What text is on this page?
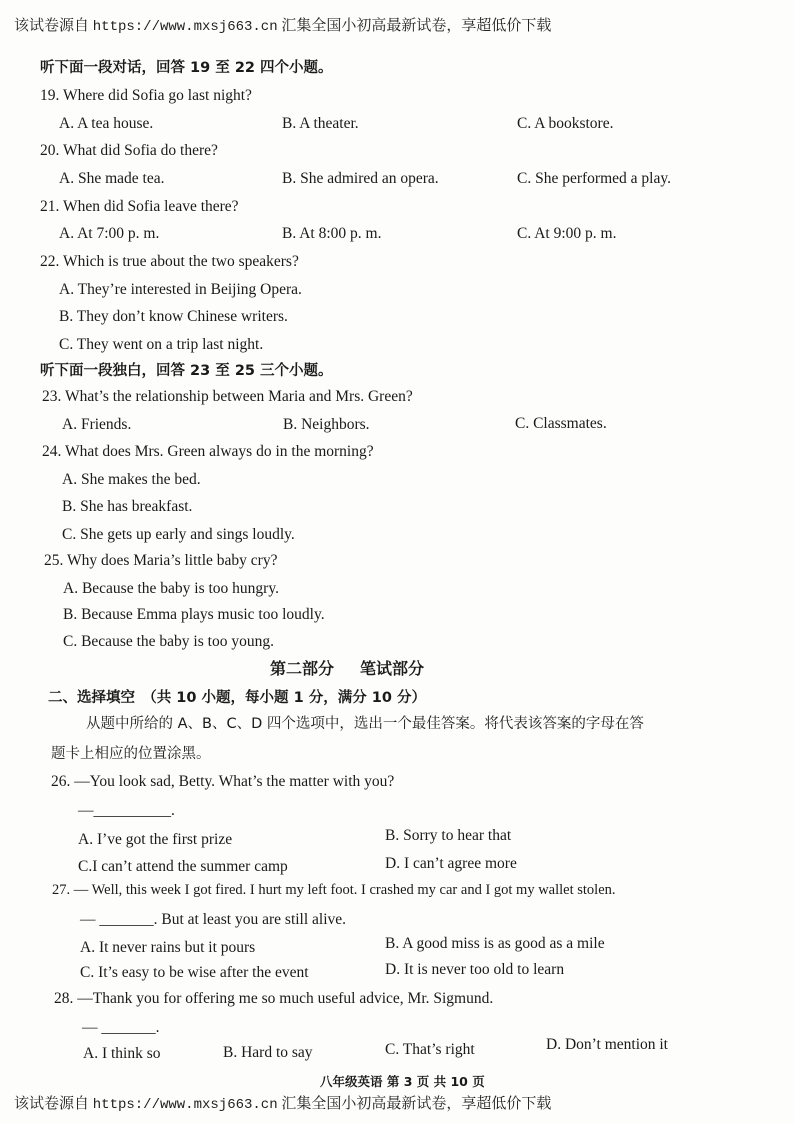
该试卷源自 https://www.mxsj663.cn 汇集全国小初高最新试卷，享超低价下载
听下面一段对话，回答 19 至 22 四个小题。
19. Where did Sofia go last night?
A. A tea house.	B. A theater.	C. A bookstore.
20. What did Sofia do there?
A. She made tea.	B. She admired an opera.	C. She performed a play.
21. When did Sofia leave there?
A. At 7:00 p. m.	B. At 8:00 p. m.	C. At 9:00 p. m.
22. Which is true about the two speakers?
A. They’re interested in Beijing Opera.
B. They don’t know Chinese writers.
C. They went on a trip last night.
听下面一段独白，回答 23 至 25 三个小题。
23. What’s the relationship between Maria and Mrs. Green?
A. Friends.	B. Neighbors.	C. Classmates.
24. What does Mrs. Green always do in the morning?
A. She makes the bed.
B. She has breakfast.
C. She gets up early and sings loudly.
25. Why does Maria’s little baby cry?
A. Because the baby is too hungry.
B. Because Emma plays music too loudly.
C. Because the baby is too young.
第二部分 笔试部分
二、选择填空　（共 10 小题，每小题 1 分，满分 10 分）
从题中所给的 A、B、C、D 四个选项中，选出一个最佳答案。将代表该答案的字母在答
题卡上相应的位置涂黑。
26. —You look sad, Betty. What’s the matter with you?
—__________.
A. I’ve got the first prize	B. Sorry to hear that
C.I can’t attend the summer camp	D. I can’t agree more
27. — Well, this week I got fired. I hurt my left foot. I crashed my car and I got my wallet stolen.
— _______. But at least you are still alive.
A. It never rains but it pours	B. A good miss is as good as a mile
C. It’s easy to be wise after the event	D. It is never too old to learn
28. —Thank you for offering me so much useful advice, Mr. Sigmund.
— _______.
A. I think so	B. Hard to say	C. That’s right	D. Don’t mention it
八年级英语 第 3 页 共 10 页
该试卷源自 https://www.mxsj663.cn 汇集全国小初高最新试卷，享超低价下载
